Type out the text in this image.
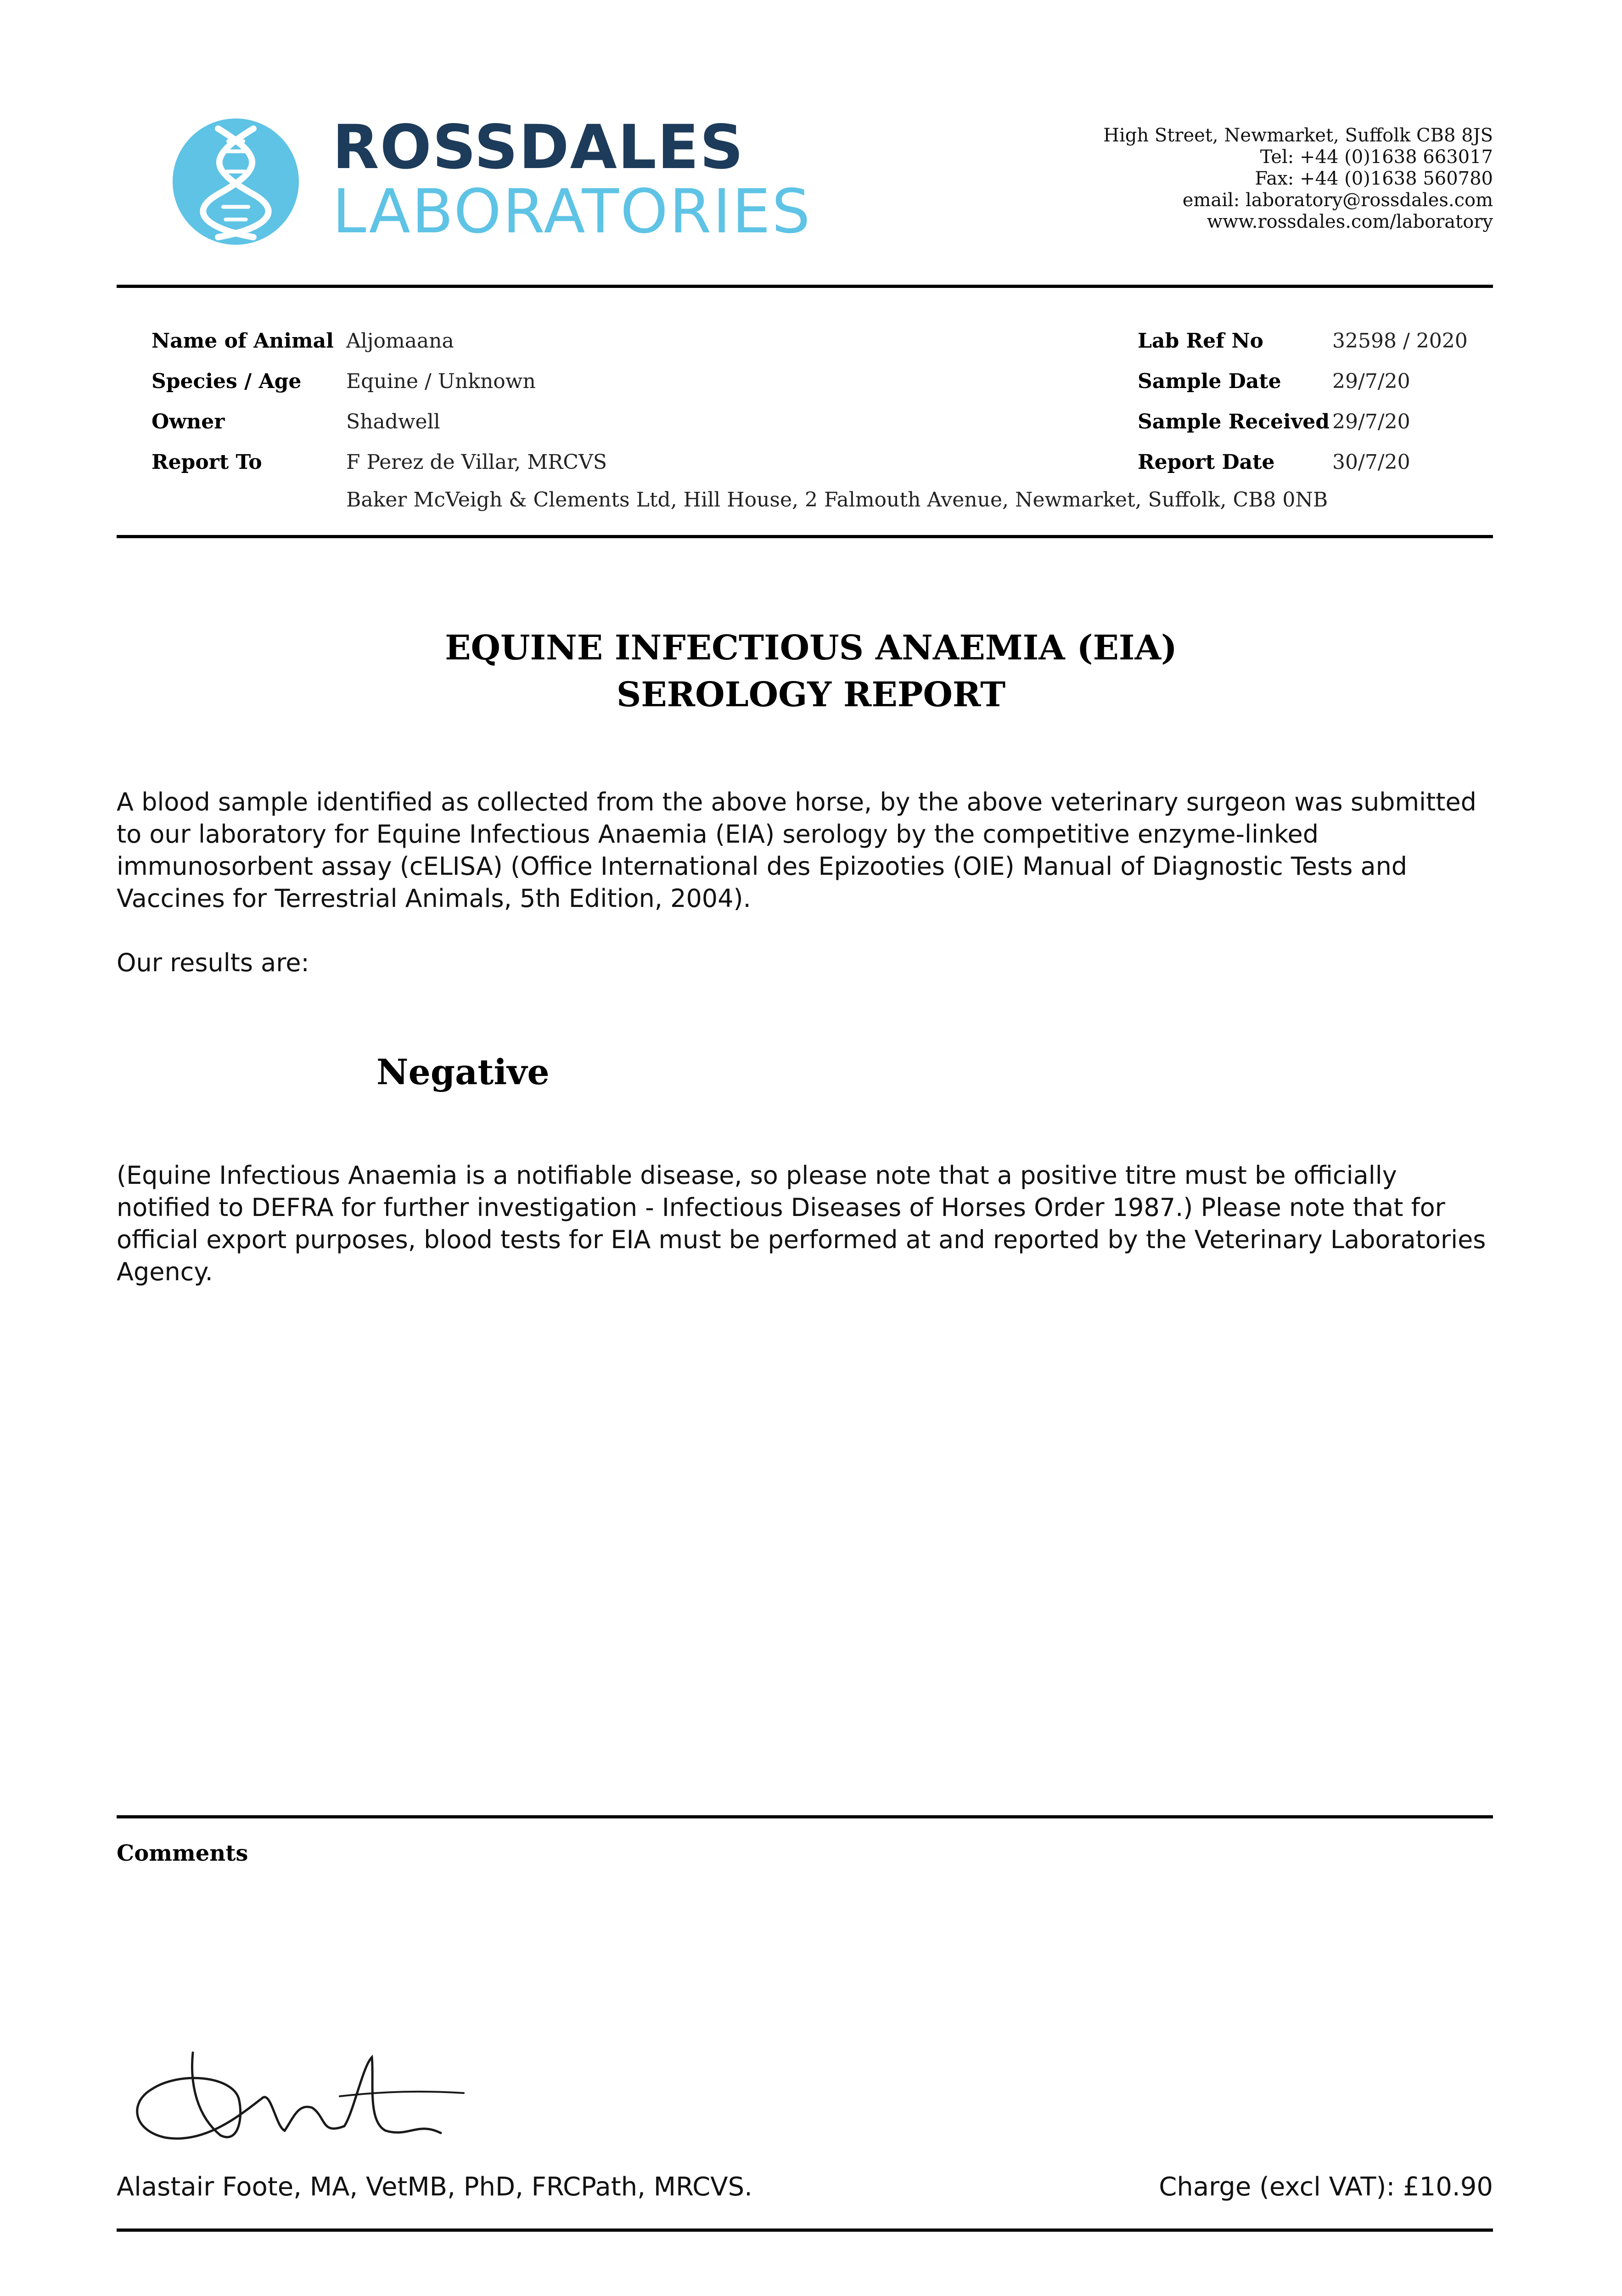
ROSSDALES
LABORATORIES
High Street, Newmarket, Suffolk CB8 8JS
Tel: +44 (0)1638 663017
Fax: +44 (0)1638 560780
email: laboratory@rossdales.com
www.rossdales.com/laboratory
Name of Animal Aljomaana
Species / Age Equine / Unknown
Owner	Shadwell
Report To	F Perez de Villar, MRCVS
Baker McVeigh & Clements Ltd, Hill House, 2 Falmouth Avenue, Newmarket, Suffolk, CB8 0NB
Lab Ref No	32598 / 2020
Sample Date	29/7/20
Sample Received 29/7/20
Report Date	30/7/20
EQUINE INFECTIOUS ANAEMIA (EIA)
SEROLOGY REPORT

A blood sample identified as collected from the above horse, by the above veterinary surgeon was submitted to our laboratory for Equine Infectious Anaemia (EIA) serology by the competitive enzyme-linked immunosorbent assay (cELISA) (Office International des Epizooties (OIE) Manual of Diagnostic Tests and Vaccines for Terrestrial Animals, 5th Edition, 2004).

Our results are:
Negative

(Equine Infectious Anaemia is a notifiable disease, so please note that a positive titre must be officially notified to DEFRA for further investigation - Infectious Diseases of Horses Order 1987.) Please note that for official export purposes, blood tests for EIA must be performed at and reported by the Veterinary Laboratories Agency.

Comments
Alastair Foote, MA, VetMB, PhD, FRCPath, MRCVS.	Charge (excl VAT): £10.90
